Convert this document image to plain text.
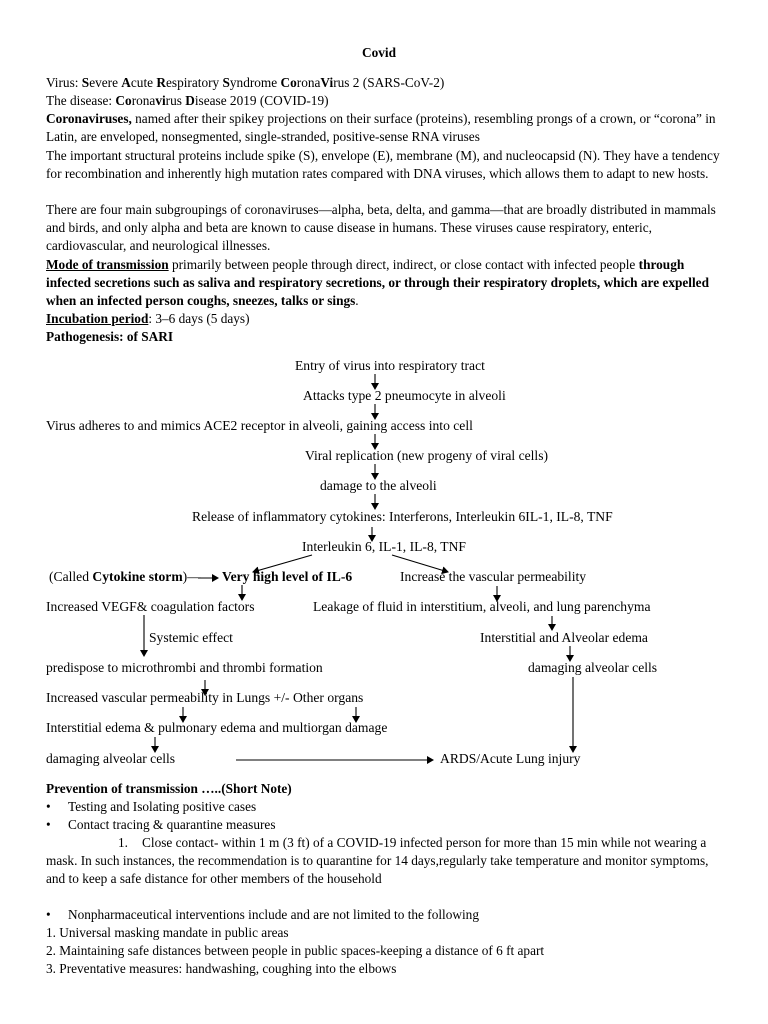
Covid
Virus: Severe Acute Respiratory Syndrome CoronaVirus 2 (SARS-CoV-2)
The disease: Coronavirus Disease 2019 (COVID-19)
Coronaviruses, named after their spikey projections on their surface (proteins), resembling prongs of a crown, or “corona” in Latin, are enveloped, nonsegmented, single-stranded, positive-sense RNA viruses
The important structural proteins include spike (S), envelope (E), membrane (M), and nucleocapsid (N). They have a tendency for recombination and inherently high mutation rates compared with DNA viruses, which allows them to adapt to new hosts.
There are four main subgroupings of coronaviruses—alpha, beta, delta, and gamma—that are broadly distributed in mammals and birds, and only alpha and beta are known to cause disease in humans. These viruses cause respiratory, enteric, cardiovascular, and neurological illnesses.
Mode of transmission primarily between people through direct, indirect, or close contact with infected people through infected secretions such as saliva and respiratory secretions, or through their respiratory droplets, which are expelled when an infected person coughs, sneezes, talks or sings.
Incubation period: 3–6 days (5 days)
Pathogenesis: of SARI
Entry of virus into respiratory tract
Attacks type 2 pneumocyte in alveoli
Virus adheres to and mimics ACE2 receptor in alveoli, gaining access into cell
Viral replication (new progeny of viral cells)
damage to the alveoli
Release of inflammatory cytokines: Interferons, Interleukin 6IL-1, IL-8, TNF
Interleukin 6, IL-1, IL-8, TNF
(Called Cytokine storm)— Very high level of IL-6	Increase the vascular permeability
Increased VEGF& coagulation factors	Leakage of fluid in interstitium, alveoli, and lung parenchyma
Systemic effect	Interstitial and Alveolar edema
predispose to microthrombi and thrombi formation	damaging alveolar cells
Increased vascular permeability in Lungs +/- Other organs
Interstitial edema & pulmonary edema and multiorgan damage
damaging alveolar cells	ARDS/Acute Lung injury
Prevention of transmission …..(Short Note)
• Testing and Isolating positive cases
• Contact tracing & quarantine measures
1. Close contact- within 1 m (3 ft) of a COVID-19 infected person for more than 15 min while not wearing a mask. In such instances, the recommendation is to quarantine for 14 days,regularly take temperature and monitor symptoms, and to keep a safe distance for other members of the household
• Nonpharmaceutical interventions include and are not limited to the following
1. Universal masking mandate in public areas
2. Maintaining safe distances between people in public spaces-keeping a distance of 6 ft apart
3. Preventative measures: handwashing, coughing into the elbows
